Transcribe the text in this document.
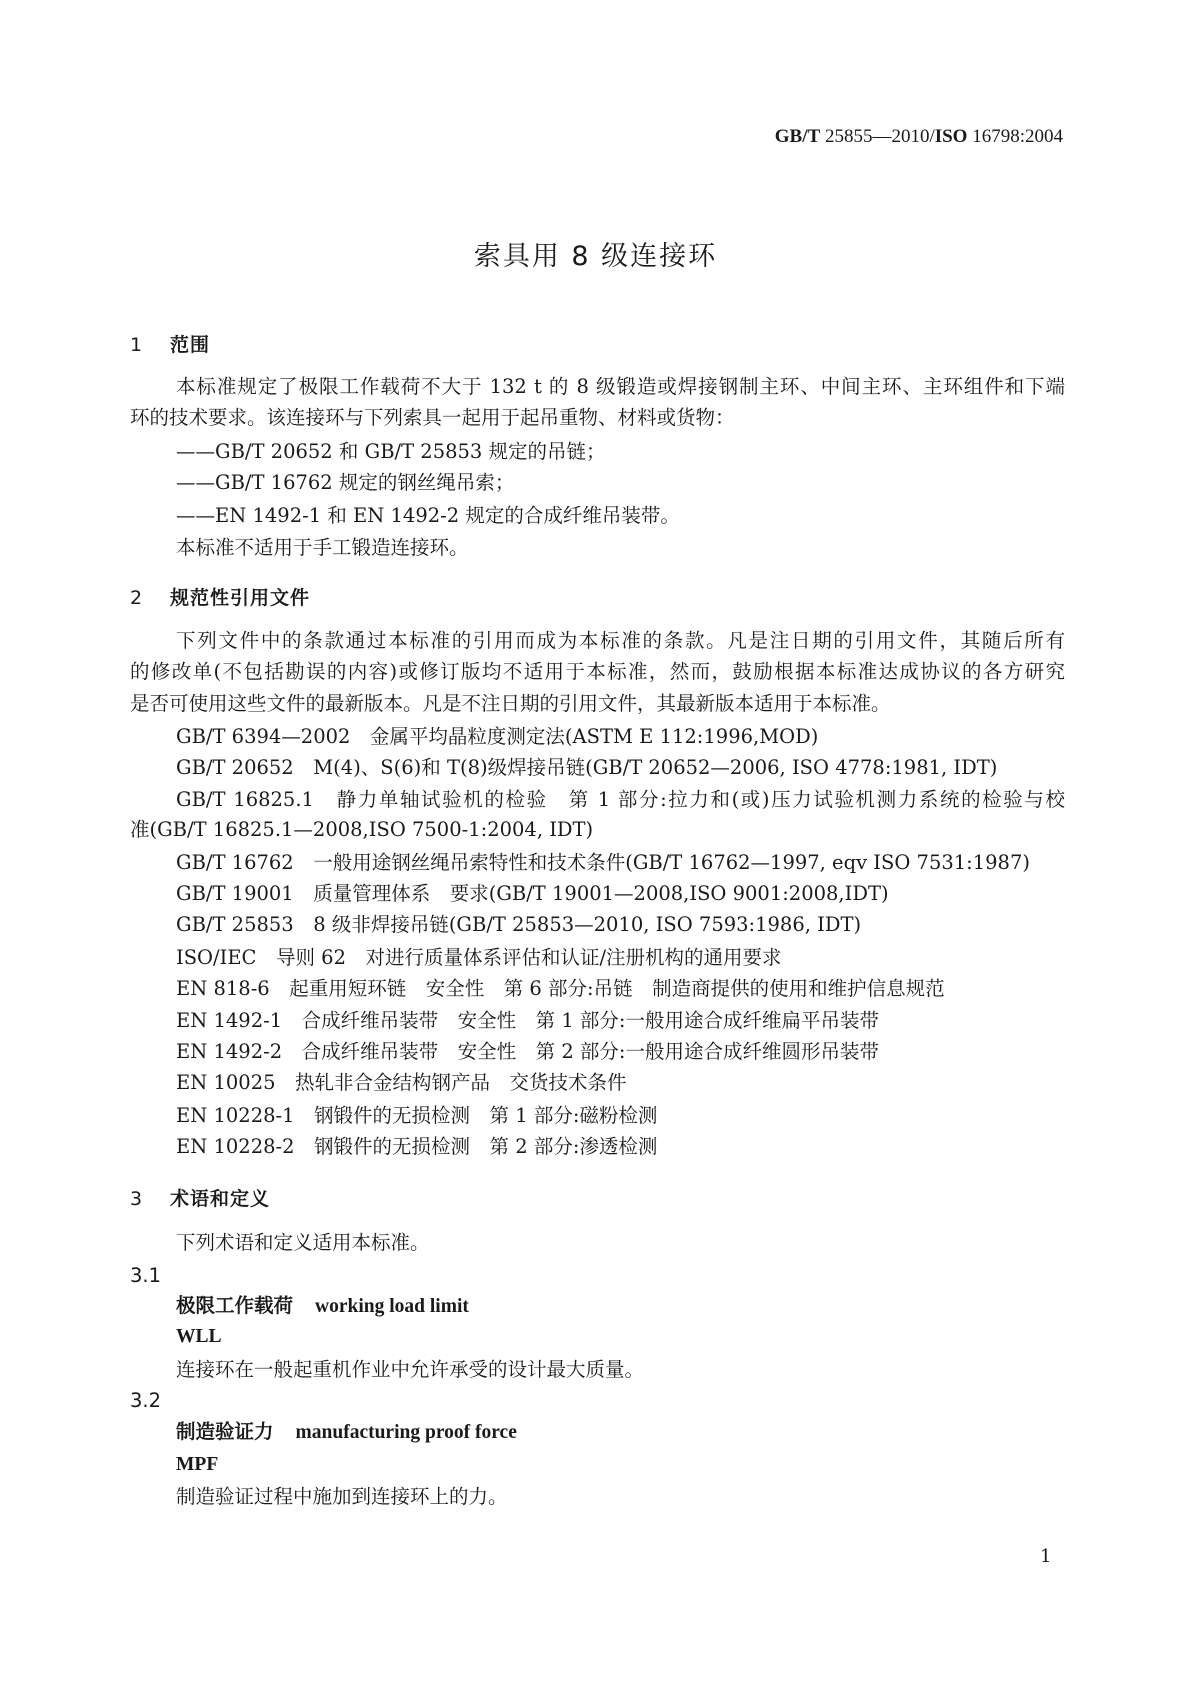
GB/T 25855—2010/ISO 16798:2004
索具用 8 级连接环
1 范围
本标准规定了极限工作载荷不大于 132 t 的 8 级锻造或焊接钢制主环、中间主环、主环组件和下端
环的技术要求。该连接环与下列索具一起用于起吊重物、材料或货物：
——GB/T 20652 和 GB/T 25853 规定的吊链；
——GB/T 16762 规定的钢丝绳吊索；
——EN 1492-1 和 EN 1492-2 规定的合成纤维吊装带。
本标准不适用于手工锻造连接环。
2 规范性引用文件
下列文件中的条款通过本标准的引用而成为本标准的条款。凡是注日期的引用文件，其随后所有
的修改单(不包括勘误的内容)或修订版均不适用于本标准，然而，鼓励根据本标准达成协议的各方研究
是否可使用这些文件的最新版本。凡是不注日期的引用文件，其最新版本适用于本标准。
GB/T 6394—2002　金属平均晶粒度测定法(ASTM E 112:1996,MOD)
GB/T 20652　M(4)、S(6)和 T(8)级焊接吊链(GB/T 20652—2006, ISO 4778:1981, IDT)
GB/T 16825.1　静力单轴试验机的检验　第 1 部分:拉力和(或)压力试验机测力系统的检验与校
准(GB/T 16825.1—2008,ISO 7500-1:2004, IDT)
GB/T 16762　一般用途钢丝绳吊索特性和技术条件(GB/T 16762—1997, eqv ISO 7531:1987)
GB/T 19001　质量管理体系　要求(GB/T 19001—2008,ISO 9001:2008,IDT)
GB/T 25853　8 级非焊接吊链(GB/T 25853—2010, ISO 7593:1986, IDT)
ISO/IEC　导则 62　对进行质量体系评估和认证/注册机构的通用要求
EN 818-6　起重用短环链　安全性　第 6 部分:吊链　制造商提供的使用和维护信息规范
EN 1492-1　合成纤维吊装带　安全性　第 1 部分:一般用途合成纤维扁平吊装带
EN 1492-2　合成纤维吊装带　安全性　第 2 部分:一般用途合成纤维圆形吊装带
EN 10025　热轧非合金结构钢产品　交货技术条件
EN 10228-1　钢锻件的无损检测　第 1 部分:磁粉检测
EN 10228-2　钢锻件的无损检测　第 2 部分:渗透检测
3 术语和定义
下列术语和定义适用本标准。
3.1
极限工作载荷 working load limit
WLL
连接环在一般起重机作业中允许承受的设计最大质量。
3.2
制造验证力 manufacturing proof force
MPF
制造验证过程中施加到连接环上的力。
1
